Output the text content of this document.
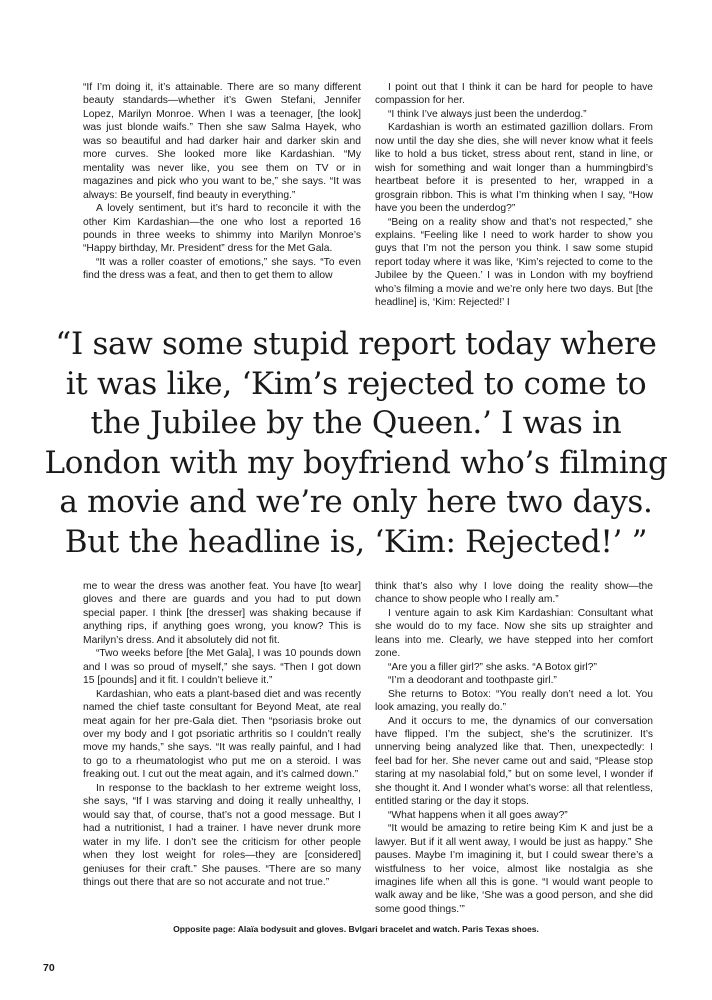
“If I’m doing it, it’s attainable. There are so many different beauty standards—whether it’s Gwen Stefani, Jennifer Lopez, Marilyn Monroe. When I was a teenager, [the look] was just blonde waifs.” Then she saw Salma Hayek, who was so beautiful and had darker hair and darker skin and more curves. She looked more like Kardashian. “My mentality was never like, you see them on TV or in magazines and pick who you want to be,” she says. “It was always: Be yourself, find beauty in everything.”

A lovely sentiment, but it’s hard to reconcile it with the other Kim Kardashian—the one who lost a reported 16 pounds in three weeks to shimmy into Marilyn Monroe’s “Happy birthday, Mr. President” dress for the Met Gala.

“It was a roller coaster of emotions,” she says. “To even find the dress was a feat, and then to get them to allow

I point out that I think it can be hard for people to have compassion for her.

“I think I’ve always just been the underdog.”

Kardashian is worth an estimated gazillion dollars. From now until the day she dies, she will never know what it feels like to hold a bus ticket, stress about rent, stand in line, or wish for something and wait longer than a hummingbird’s heartbeat before it is presented to her, wrapped in a grosgrain ribbon. This is what I’m thinking when I say, “How have you been the underdog?”

“Being on a reality show and that’s not respected,” she explains. “Feeling like I need to work harder to show you guys that I’m not the person you think. I saw some stupid report today where it was like, ‘Kim’s rejected to come to the Jubilee by the Queen.’ I was in London with my boyfriend who’s filming a movie and we’re only here two days. But [the headline] is, ‘Kim: Rejected!’ I

“I saw some stupid report today where it was like, ‘Kim’s rejected to come to the Jubilee by the Queen.’ I was in London with my boyfriend who’s filming a movie and we’re only here two days. But the headline is, ‘Kim: Rejected!’ ”

me to wear the dress was another feat. You have [to wear] gloves and there are guards and you had to put down special paper. I think [the dresser] was shaking because if anything rips, if anything goes wrong, you know? This is Marilyn’s dress. And it absolutely did not fit.

“Two weeks before [the Met Gala], I was 10 pounds down and I was so proud of myself,” she says. “Then I got down 15 [pounds] and it fit. I couldn’t believe it.”

Kardashian, who eats a plant-based diet and was recently named the chief taste consultant for Beyond Meat, ate real meat again for her pre-Gala diet. Then “psoriasis broke out over my body and I got psoriatic arthritis so I couldn’t really move my hands,” she says. “It was really painful, and I had to go to a rheumatologist who put me on a steroid. I was freaking out. I cut out the meat again, and it’s calmed down.”

In response to the backlash to her extreme weight loss, she says, “If I was starving and doing it really unhealthy, I would say that, of course, that’s not a good message. But I had a nutritionist, I had a trainer. I have never drunk more water in my life. I don’t see the criticism for other people when they lost weight for roles—they are [considered] geniuses for their craft.” She pauses. “There are so many things out there that are so not accurate and not true.”

think that’s also why I love doing the reality show—the chance to show people who I really am.”

I venture again to ask Kim Kardashian: Consultant what she would do to my face. Now she sits up straighter and leans into me. Clearly, we have stepped into her comfort zone.

“Are you a filler girl?” she asks. “A Botox girl?”

“I’m a deodorant and toothpaste girl.”

She returns to Botox: “You really don’t need a lot. You look amazing, you really do.”

And it occurs to me, the dynamics of our conversation have flipped. I’m the subject, she’s the scrutinizer. It’s unnerving being analyzed like that. Then, unexpectedly: I feel bad for her. She never came out and said, “Please stop staring at my nasolabial fold,” but on some level, I wonder if she thought it. And I wonder what’s worse: all that relentless, entitled staring or the day it stops.

“What happens when it all goes away?”

“It would be amazing to retire being Kim K and just be a lawyer. But if it all went away, I would be just as happy.” She pauses. Maybe I’m imagining it, but I could swear there’s a wistfulness to her voice, almost like nostalgia as she imagines life when all this is gone. “I would want people to walk away and be like, ‘She was a good person, and she did some good things.’”

Opposite page: Alaïa bodysuit and gloves. Bvlgari bracelet and watch. Paris Texas shoes.
70
